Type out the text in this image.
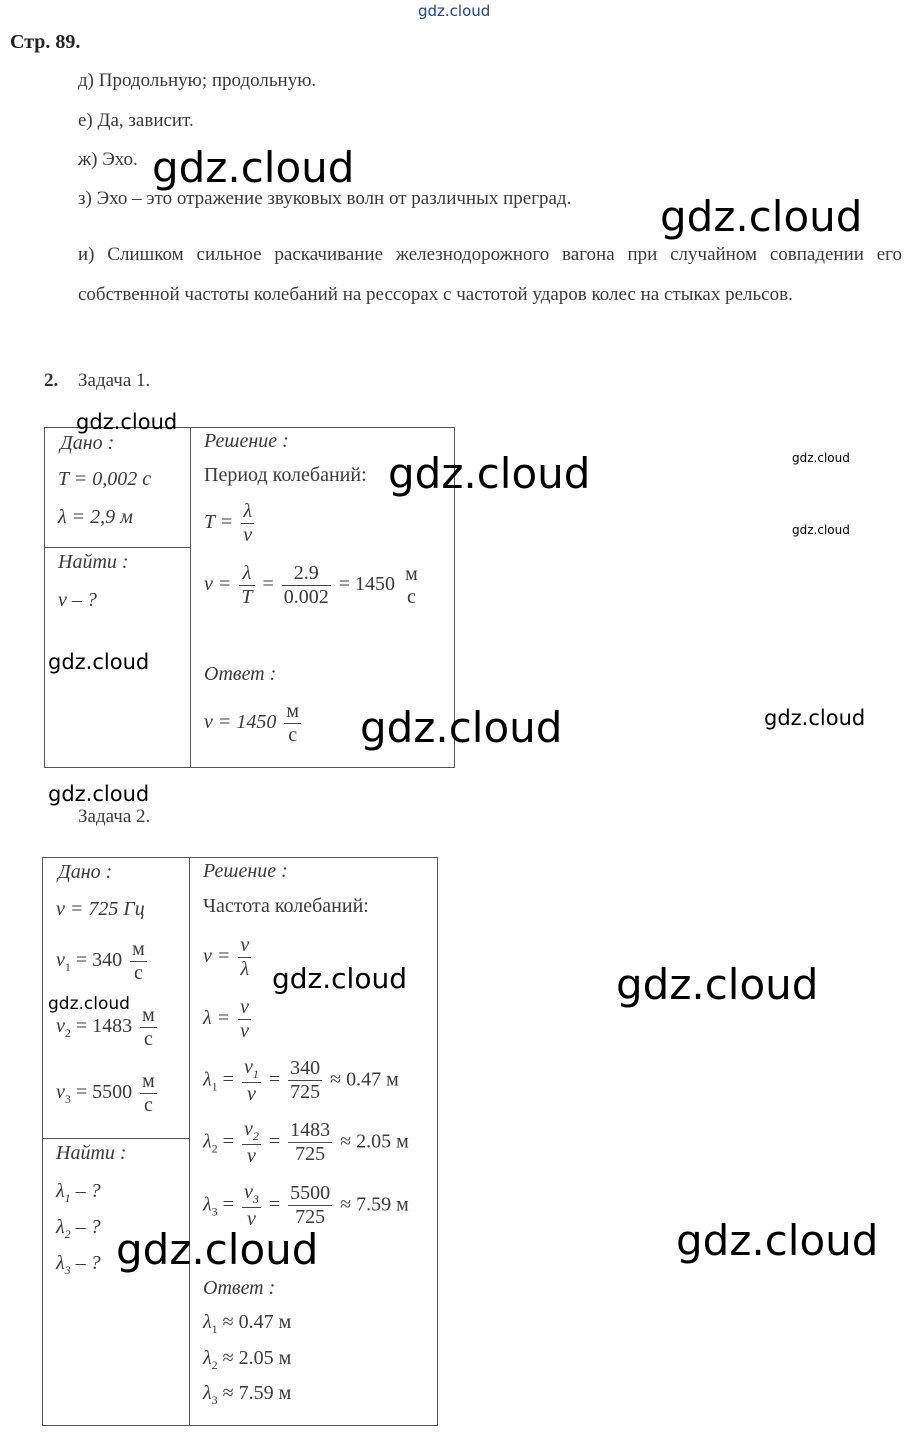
gdz.cloud
Стр. 89.
д) Продольную; продольную.
е) Да, зависит.
ж) Эхо.
з) Эхо – это отражение звуковых волн от различных преград.
и) Слишком сильное раскачивание железнодорожного вагона при случайном совпадении его собственной частоты колебаний на рессорах с частотой ударов колес на стыках рельсов.
2. Задача 1.
Дано :
T = 0,002 с
λ = 2,9 м
Найти :
v – ?
Решение :
Период колебаний:
$T = \frac{\lambda}{v}$
$v = \frac{\lambda}{T} = \frac{2.9}{0.002} = 1450$ м
с
Ответ :
$v = 1450 \frac{м}{с}$
Задача 2.
Дано :
ν = 725 Гц
$v_1 = 340 \frac{м}{с}$
$v_2 = 1483 \frac{м}{с}$
$v_3 = 5500 \frac{м}{с}$
Найти :
$\lambda_1$ – ?
$\lambda_2$ – ?
$\lambda_3$ – ?
Решение :
Частота колебаний:
$\nu = \frac{v}{\lambda}$
$\lambda = \frac{v}{\nu}$
$\lambda_1 = \frac{v_1}{\nu} = \frac{340}{725} \approx 0.47$ м
$\lambda_2 = \frac{v_2}{\nu} = \frac{1483}{725} \approx 2.05$ м
$\lambda_3 = \frac{v_3}{\nu} = \frac{5500}{725} \approx 7.59$ м
Ответ :
$\lambda_1 \approx 0.47$ м
$\lambda_2 \approx 2.05$ м
$\lambda_3 \approx 7.59$ м
gdz.cloud
gdz.cloud
gdz.cloud
gdz.cloud	gdz.cloud
gdz.cloud
gdz.cloud
gdz.cloud	gdz.cloud
gdz.cloud
gdz.cloud	gdz.cloud
gdz.cloud
gdz.cloud	gdz.cloud
